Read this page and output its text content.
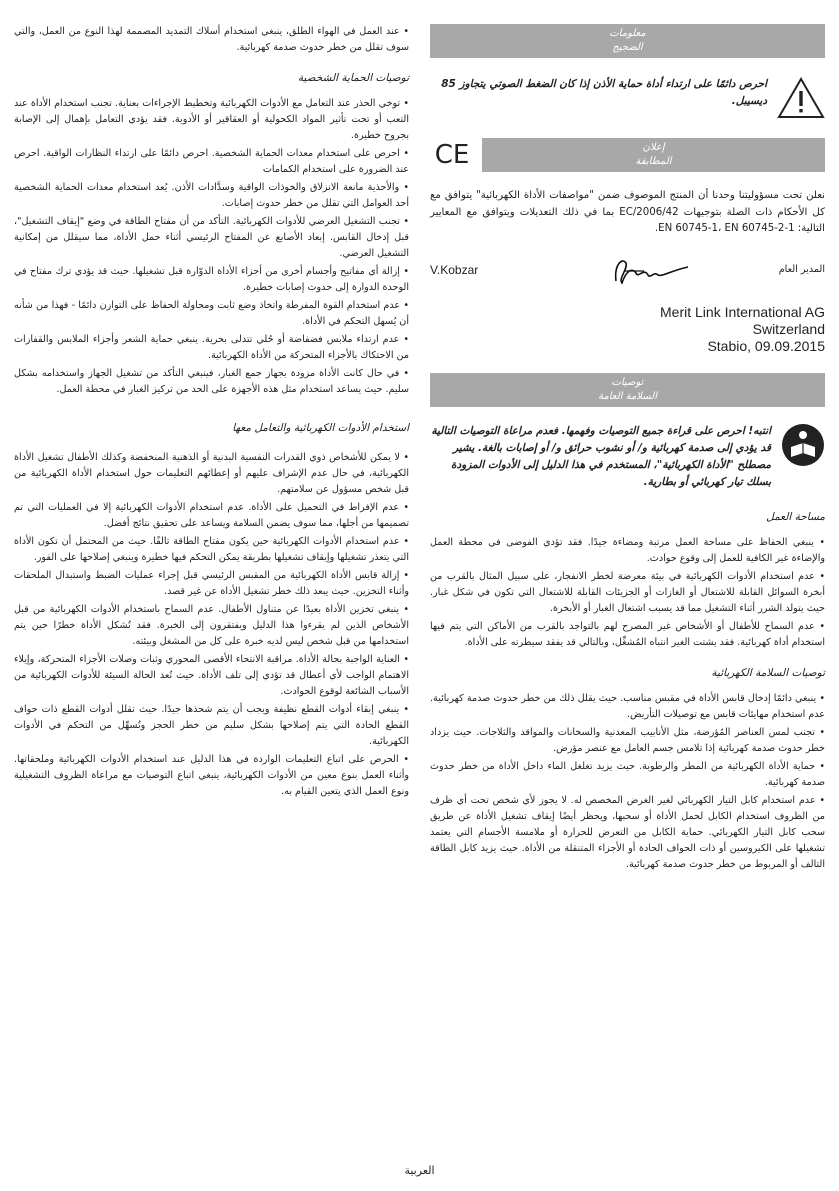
معلومات
الضجيج
احرص دائمًا على ارتداء أداة حماية الأذن إذا كان الضغط الصوتي يتجاوز 85 ديسيبل.
إعلان
المطابقة
CE

نعلن تحت مسؤوليتنا وحدنا أن المنتج الموصوف ضمن "مواصفات الأداة الكهربائية" يتوافق مع كل الأحكام ذات الصلة بتوجيهات 2006/42/EC بما في ذلك التعديلات ويتوافق مع المعايير التالية: EN 60745-1، EN 60745-2-1.

المدير العام
V.Kobzar
Merit Link International AG
Switzerland
Stabio, 09.09.2015
توصيات
السلامة العامة
انتبه! احرص على قراءة جميع التوصيات وفهمها. فعدم مراعاة التوصيات التالية قد يؤدي إلى صدمة كهربائية و/ أو نشوب حرائق و/ أو إصابات بالغة. يشير مصطلح "الأداة الكهربائية"، المستخدم في هذا الدليل إلى الأدوات المزودة بسلك تيار كهربائي أو بطارية.
مساحة العمل

• ينبغي الحفاظ على مساحة العمل مرتبة ومضاءة جيدًا. فقد تؤدي الفوضى في محطة العمل والإضاءة غير الكافية للعمل إلى وقوع حوادث.

• عدم استخدام الأدوات الكهربائية في بيئة معرضة لخطر الانفجار، على سبيل المثال بالقرب من أبخرة السوائل القابلة للاشتعال أو الغازات أو الجزيئات القابلة للاشتعال التي تكون في شكل غبار. حيث يتولد الشرر أثناء التشغيل مما قد يسبب اشتعال الغبار أو الأبخرة.

• عدم السماح للأطفال أو الأشخاص غير المصرح لهم بالتواجد بالقرب من الأماكن التي يتم فيها استخدام أداة كهربائية. فقد يشتت الغير انتباه المُشغِّل، وبالتالي قد يفقد سيطرته على الأداة.

توصيات السلامة الكهربائية

• ينبغي دائمًا إدخال قابس الأداة في مقبس مناسب. حيث يقلل ذلك من خطر حدوث صدمة كهربائية. عدم استخدام مهايئات قابس مع توصيلات التأريض.

• تجنب لمس العناصر المُؤرضة، مثل الأنابيب المعدنية والسخانات والمواقد والثلاجات. حيث يزداد خطر حدوث صدمة كهربائية إذا تلامس جسم العامل مع عنصر مؤرض.

• حماية الأداة الكهربائية من المطر والرطوبة. حيث يزيد تغلغل الماء داخل الأداة من خطر حدوث صدمة كهربائية.

• عدم استخدام كابل التيار الكهربائي لغير الغرض المخصص له. لا يجوز لأي شخص تحت أي ظرف من الظروف استخدام الكابل لحمل الأداة أو سحبها، ويحظر أيضًا إيقاف تشغيل الأداة عن طريق سحب كابل التيار الكهربائي. حماية الكابل من التعرض للحرارة أو ملامسة الأجسام التي يعتمد تشغيلها على الكيروسين أو ذات الحواف الحادة أو الأجزاء المتنقلة من الأداة. حيث يزيد كابل الطاقة التالف أو المربوط من خطر حدوث صدمة كهربائية.

• عند العمل في الهواء الطلق، ينبغي استخدام أسلاك التمديد المصممة لهذا النوع من العمل، والتي سوف تقلل من خطر حدوث صدمة كهربائية.

توصيات الحماية الشخصية

• توخي الحذر عند التعامل مع الأدوات الكهربائية وتخطيط الإجراءات بعناية. تجنب استخدام الأداة عند التعب أو تحت تأثير المواد الكحولية أو العقاقير أو الأدوية. فقد يؤدي التعامل بإهمال إلى الإصابة بجروح خطيرة.

• احرص على استخدام معدات الحماية الشخصية. احرص دائمًا على ارتداء النظارات الواقية. احرص عند الضرورة على استخدام الكمامات

• والأحذية مانعة الانزلاق والخوذات الواقية وسدَّادات الأذن. يُعد استخدام معدات الحماية الشخصية أحد العوامل التي تقلل من خطر حدوث إصابات.

• تجنب التشغيل العرضي للأدوات الكهربائية. التأكد من أن مفتاح الطاقة في وضع "إيقاف التشغيل"، قبل إدخال القابس. إبعاد الأصابع عن المفتاح الرئيسي أثناء حمل الأداة، مما سيقلل من إمكانية التشغيل العرضي.

• إزالة أي مفاتيح وأجسام أخرى من أجزاء الأداة الدوّارة قبل تشغيلها. حيث قد يؤدي ترك مفتاح في الوحدة الدوارة إلى حدوث إصابات خطيرة.

• عدم استخدام القوة المفرطة واتخاذ وضع ثابت ومحاولة الحفاظ على التوازن دائمًا - فهذا من شأنه أن يُسهل التحكم في الأداة.

• عدم ارتداء ملابس فضفاضة أو حُلي تتدلى بحرية. ينبغي حماية الشعر وأجزاء الملابس والقفازات من الاحتكاك بالأجزاء المتحركة من الأداة الكهربائية.

• في حال كانت الأداة مزودة بجهاز جمع الغبار، فينبغي التأكد من تشغيل الجهاز واستخدامه بشكل سليم. حيث يساعد استخدام مثل هذه الأجهزة على الحد من تركيز الغبار في محطة العمل.

استخدام الأدوات الكهربائية والتعامل معها

• لا يمكن للأشخاص ذوي القدرات النفسية البدنية أو الذهنية المنخفضة وكذلك الأطفال تشغيل الأداة الكهربائية، في حال عدم الإشراف عليهم أو إعطائهم التعليمات حول استخدام الأداة الكهربائية من قبل شخص مسؤول عن سلامتهم.

• عدم الإفراط في التحميل على الأداة. عدم استخدام الأدوات الكهربائية إلا في العمليات التي تم تصميمها من أجلها، مما سوف يضمن السلامة ويساعد على تحقيق نتائج أفضل.

• عدم استخدام الأدوات الكهربائية حين يكون مفتاح الطاقة تالفًا. حيث من المحتمل أن تكون الأداة التي يتعذر تشغيلها وإيقاف تشغيلها بطريقة يمكن التحكم فيها خطيرة وينبغي إصلاحها على الفور.

• إزالة قابس الأداة الكهربائية من المقبس الرئيسي قبل إجراء عمليات الضبط واستبدال الملحقات وأثناء التخزين. حيث يبعد ذلك خطر تشغيل الأداة عن غير قصد.

• ينبغي تخزين الأداة بعيدًا عن متناول الأطفال. عدم السماح باستخدام الأدوات الكهربائية من قبل الأشخاص الذين لم يقرءوا هذا الدليل ويفتقرون إلى الخبرة. فقد تُشكل الأداة خطرًا حين يتم استخدامها من قبل شخص ليس لديه خبرة على كل من المشغل وبيئته.

• العناية الواجبة بحالة الأداة. مراقبة الانتحاء الأقصى المحوري وثبات وصلات الأجزاء المتحركة، وإيلاء الاهتمام الواجب لأي أعطال قد تؤدي إلى تلف الأداة. حيث تُعد الحالة السيئة للأدوات الكهربائية من الأسباب الشائعة لوقوع الحوادث.

• ينبغي إبقاء أدوات القطع نظيفة ويجب أن يتم شحذها جيدًا. حيث تقلل أدوات القطع ذات حواف القطع الحادة التي يتم إصلاحها بشكل سليم من خطر الحجز وتُسهِّل من التحكم في الأدوات الكهربائية.

• الحرص على اتباع التعليمات الواردة في هذا الدليل عند استخدام الأدوات الكهربائية وملحقاتها. وأثناء العمل بنوع معين من الأدوات الكهربائية، ينبغي اتباع التوصيات مع مراعاة الظروف التشغيلية ونوع العمل الذي يتعين القيام به.

العربية
